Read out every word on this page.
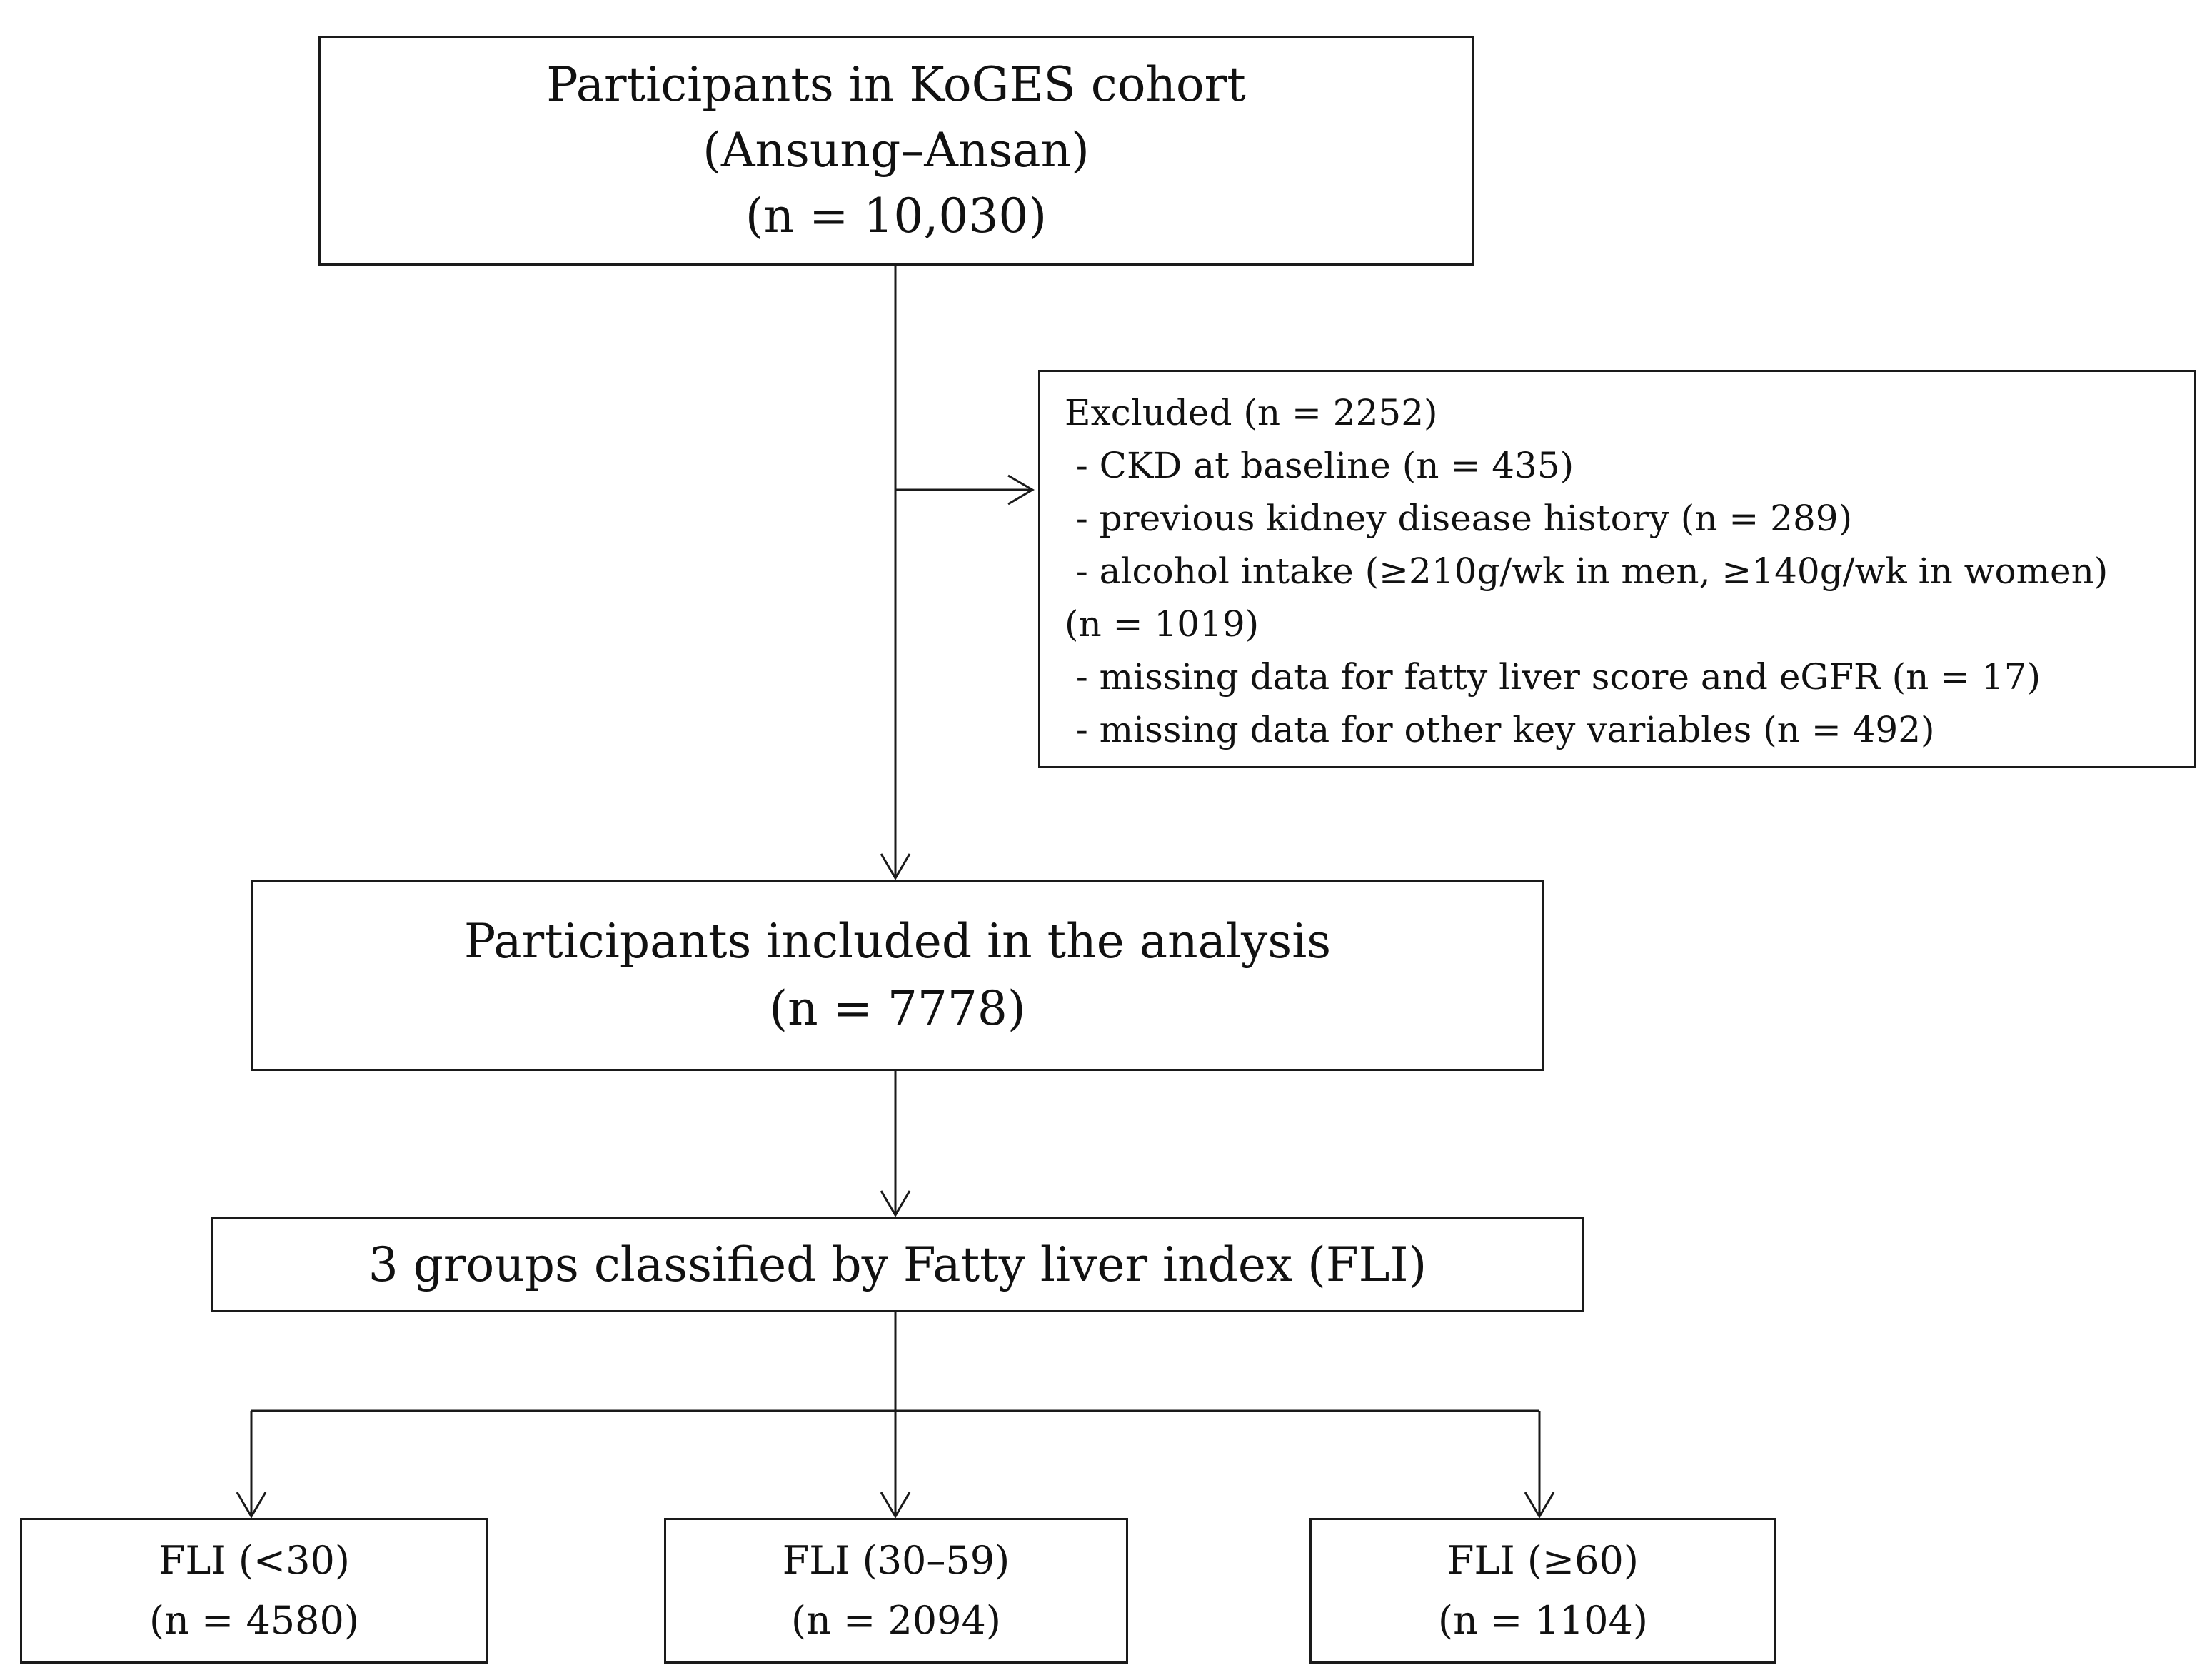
Participants in KoGES cohort
(Ansung–Ansan)
(n = 10,030)
Excluded (n = 2252)
- CKD at baseline (n = 435)
- previous kidney disease history (n = 289)
- alcohol intake (≥210g/wk in men, ≥140g/wk in women)
(n = 1019)
- missing data for fatty liver score and eGFR (n = 17)
- missing data for other key variables (n = 492)
Participants included in the analysis
(n = 7778)
3 groups classified by Fatty liver index (FLI)
FLI (<30)
(n = 4580)
FLI (30–59)
(n = 2094)
FLI (≥60)
(n = 1104)
